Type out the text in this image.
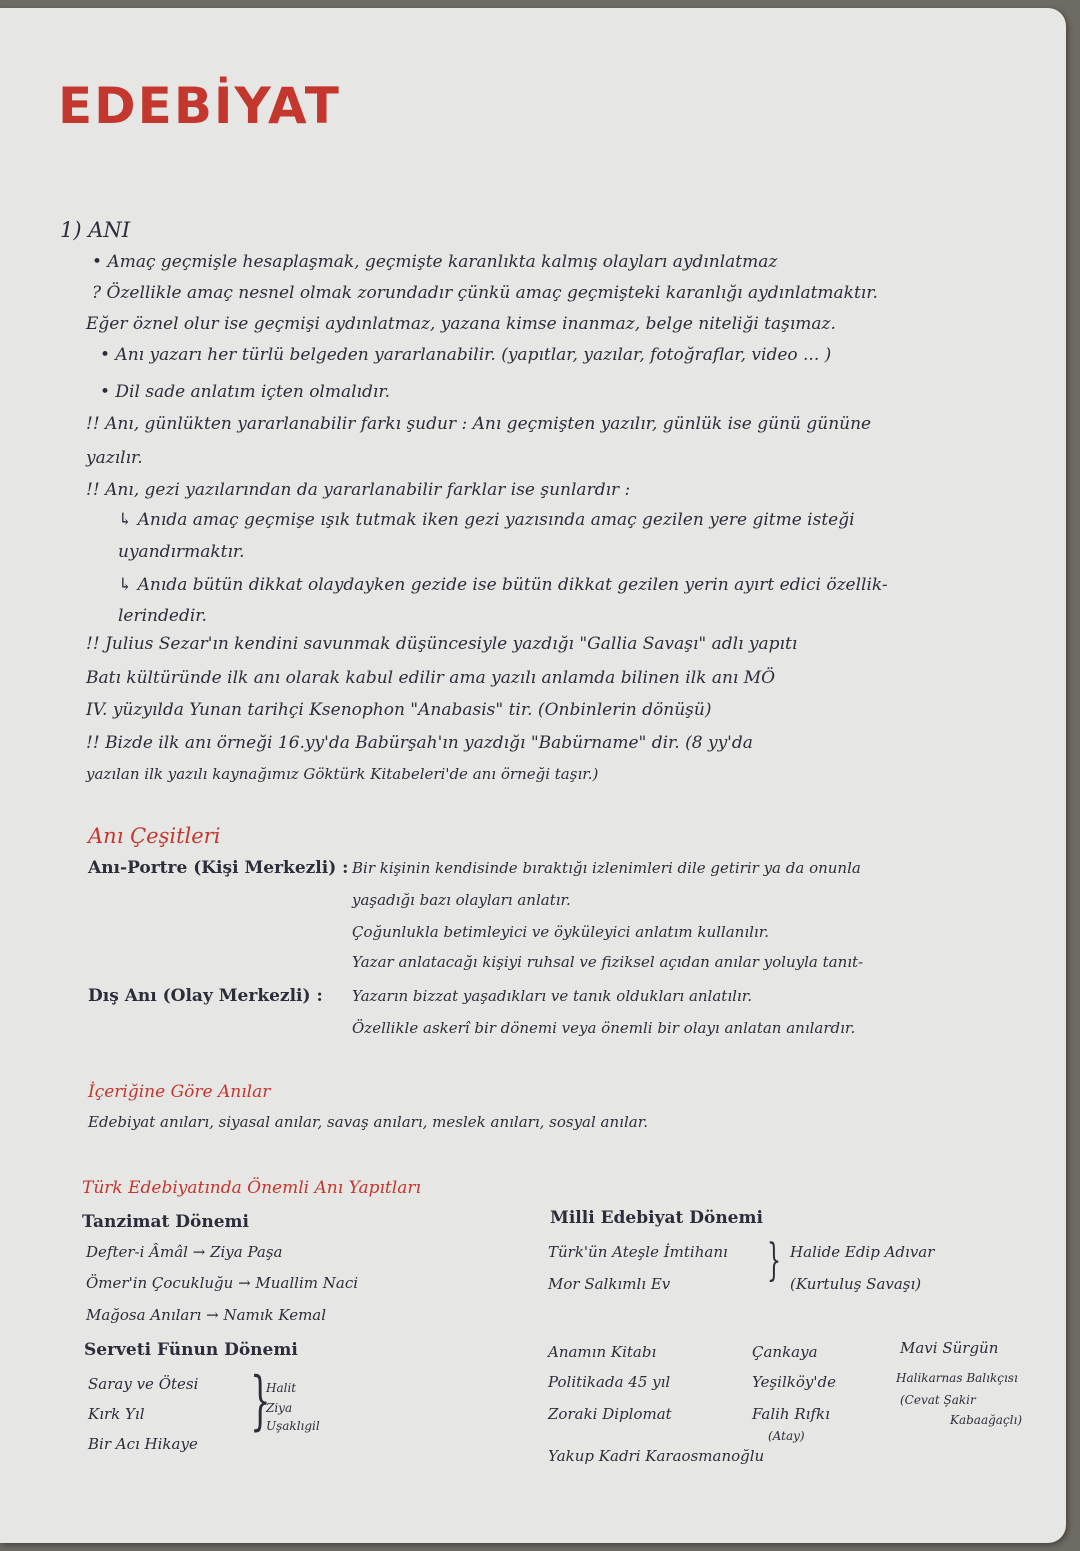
EDEBİYAT
1) ANI
• Amaç geçmişle hesaplaşmak, geçmişte karanlıkta kalmış olayları aydınlatmaz
? Özellikle amaç nesnel olmak zorundadır çünkü amaç geçmişteki karanlığı aydınlatmaktır.
Eğer öznel olur ise geçmişi aydınlatmaz, yazana kimse inanmaz, belge niteliği taşımaz.
• Anı yazarı her türlü belgeden yararlanabilir. (yapıtlar, yazılar, fotoğraflar, video ... )
• Dil sade anlatım içten olmalıdır.
!! Anı, günlükten yararlanabilir farkı şudur : Anı geçmişten yazılır, günlük ise günü gününe
yazılır.
!! Anı, gezi yazılarından da yararlanabilir farklar ise şunlardır :
↳ Anıda amaç geçmişe ışık tutmak iken gezi yazısında amaç gezilen yere gitme isteği
uyandırmaktır.
↳ Anıda bütün dikkat olaydayken gezide ise bütün dikkat gezilen yerin ayırt edici özellik-
lerindedir.
!! Julius Sezar'ın kendini savunmak düşüncesiyle yazdığı "Gallia Savaşı" adlı yapıtı
Batı kültüründe ilk anı olarak kabul edilir ama yazılı anlamda bilinen ilk anı MÖ
IV. yüzyılda Yunan tarihçi Ksenophon "Anabasis" tir. (Onbinlerin dönüşü)
!! Bizde ilk anı örneği 16.yy'da Babürşah'ın yazdığı "Babürname" dir. (8 yy'da
yazılan ilk yazılı kaynağımız Göktürk Kitabeleri'de anı örneği taşır.)
Anı Çeşitleri
Anı-Portre (Kişi Merkezli) : Bir kişinin kendisinde bıraktığı izlenimleri dile getirir ya da onunla
yaşadığı bazı olayları anlatır.
Çoğunlukla betimleyici ve öyküleyici anlatım kullanılır.
Yazar anlatacağı kişiyi ruhsal ve fiziksel açıdan anılar yoluyla tanıt-
Dış Anı (Olay Merkezli) : Yazarın bizzat yaşadıkları ve tanık oldukları anlatılır.
Özellikle askerî bir dönemi veya önemli bir olayı anlatan anılardır.
İçeriğine Göre Anılar
Edebiyat anıları, siyasal anılar, savaş anıları, meslek anıları, sosyal anılar.
Türk Edebiyatında Önemli Anı Yapıtları
Tanzimat Dönemi
Defter-i Âmâl → Ziya Paşa
Ömer'in Çocukluğu → Muallim Naci
Mağosa Anıları → Namık Kemal
Serveti Fünun Dönemi
Saray ve Ötesi
Kırk Yıl
Bir Acı Hikaye
}
Halit
Ziya
Uşaklıgil
Milli Edebiyat Dönemi
Türk'ün Ateşle İmtihanı
Mor Salkımlı Ev } Halide Edip Adıvar
(Kurtuluş Savaşı)
Anamın Kitabı
Politikada 45 yıl
Zoraki Diplomat
Yakup Kadri Karaosmanoğlu
Çankaya
Yeşilköy'de
Falih Rıfkı
(Atay)
Mavi Sürgün
Halikarnas Balıkçısı
(Cevat Şakir
Kabaağaçlı)
